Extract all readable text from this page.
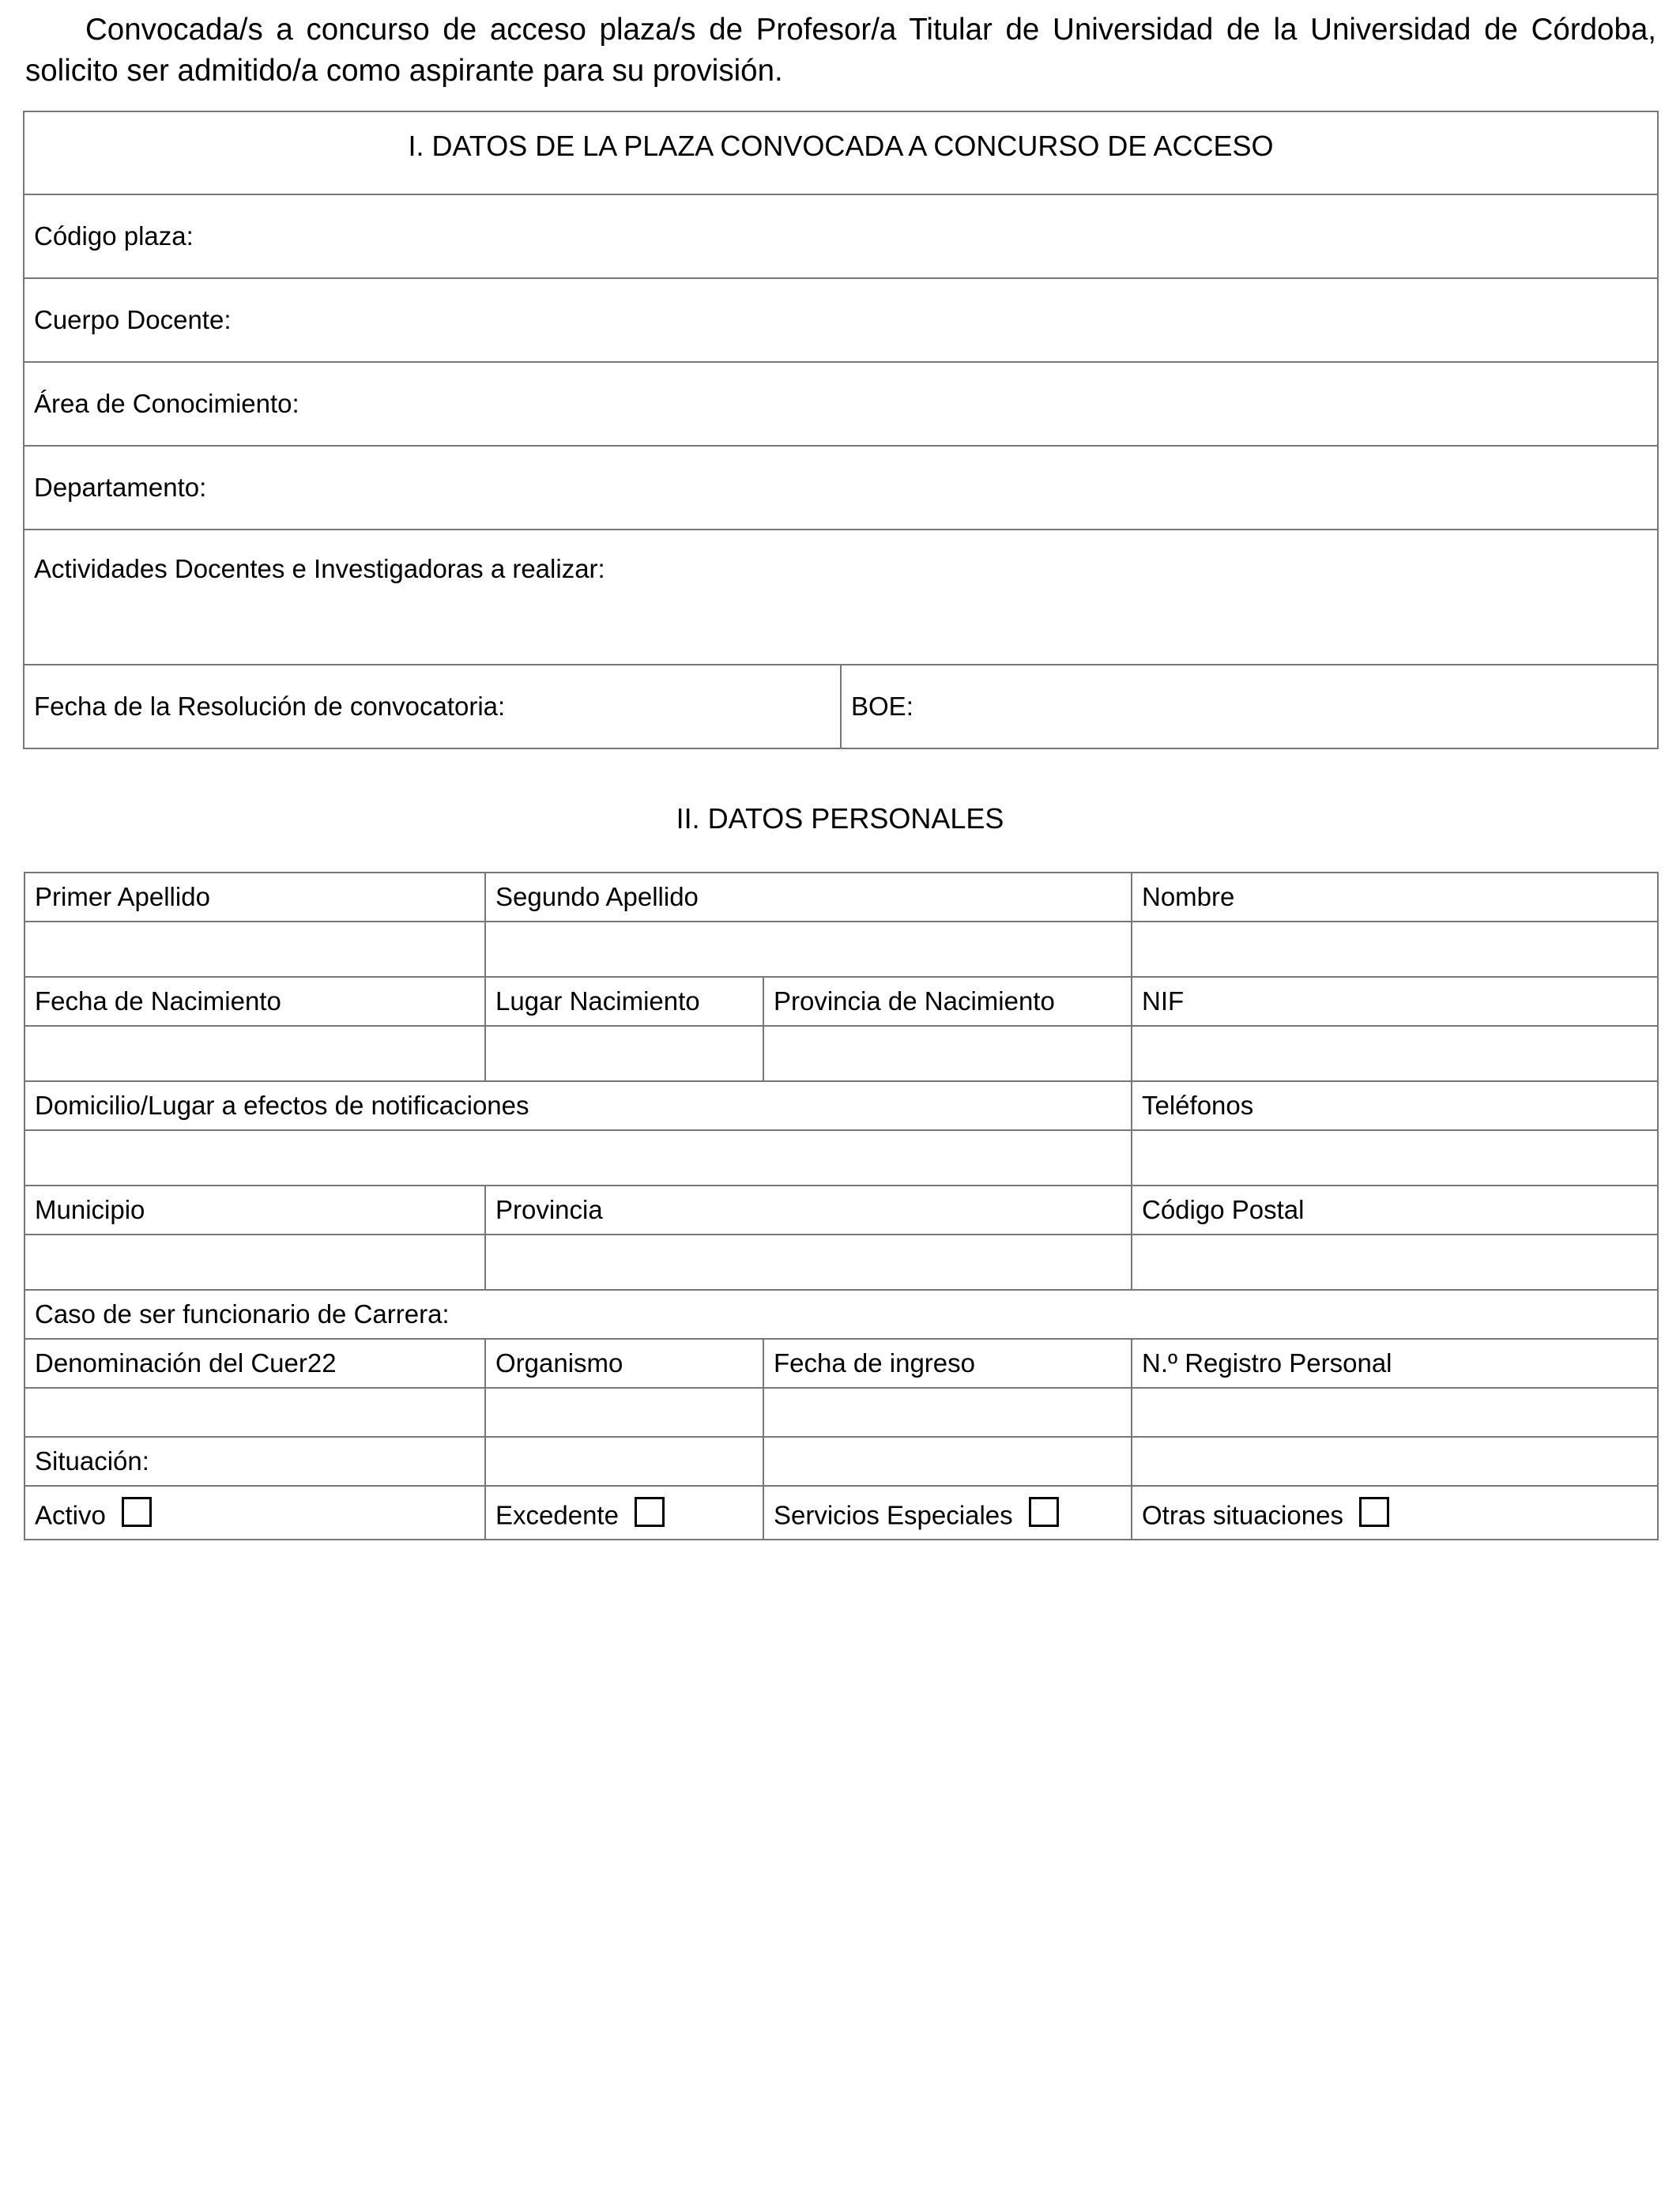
Convocada/s a concurso de acceso plaza/s de Profesor/a Titular de Universidad de la Universidad de Córdoba, solicito ser admitido/a como aspirante para su provisión.

I. DATOS DE LA PLAZA CONVOCADA A CONCURSO DE ACCESO
Código plaza:
Cuerpo Docente:
Área de Conocimiento:
Departamento:
Actividades Docentes e Investigadoras a realizar:
Fecha de la Resolución de convocatoria:	BOE:

II. DATOS PERSONALES

Primer Apellido	Segundo Apellido		Nombre

Fecha de Nacimiento	Lugar Nacimiento	Provincia de Nacimiento	NIF

Domicilio/Lugar a efectos de notificaciones			Teléfonos

Municipio	Provincia		Código Postal

Caso de ser funcionario de Carrera:			
Denominación del Cuer22	Organismo	Fecha de ingreso	N.º Registro Personal

Situación:			
Activo	Excedente	Servicios Especiales	Otras situaciones
